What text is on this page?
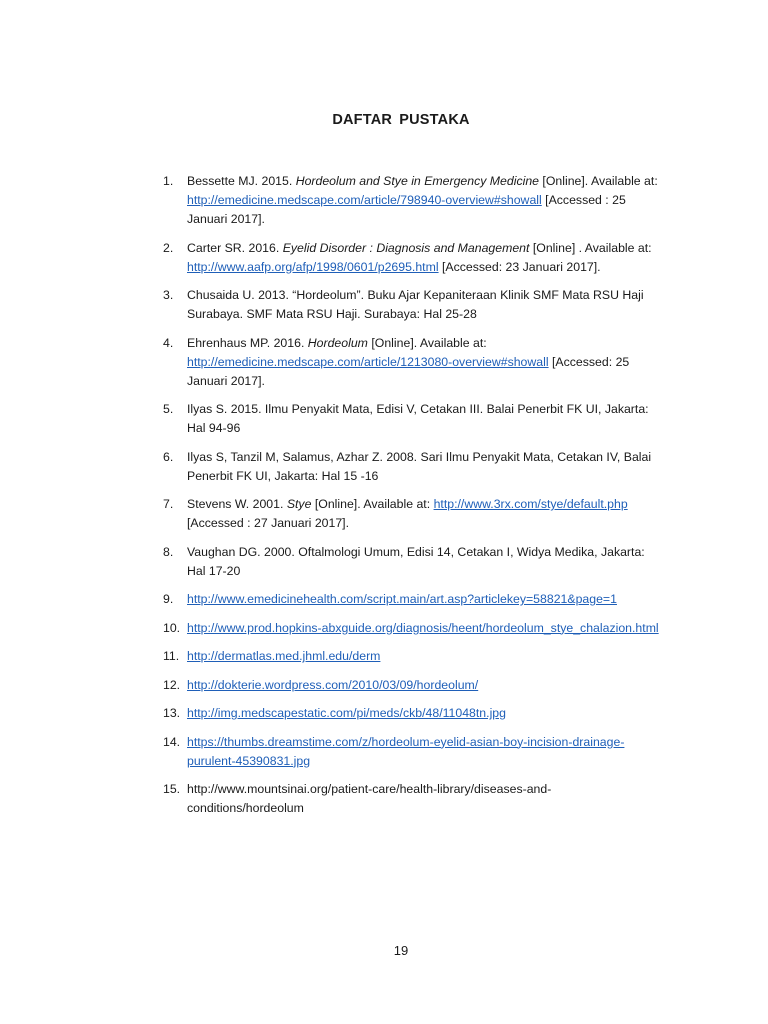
DAFTAR PUSTAKA
1. Bessette MJ. 2015. Hordeolum and Stye in Emergency Medicine [Online]. Available at: http://emedicine.medscape.com/article/798940-overview#showall [Accessed : 25 Januari 2017].
2. Carter SR. 2016. Eyelid Disorder : Diagnosis and Management [Online] . Available at: http://www.aafp.org/afp/1998/0601/p2695.html [Accessed: 23 Januari 2017].
3. Chusaida U. 2013. “Hordeolum”. Buku Ajar Kepaniteraan Klinik SMF Mata RSU Haji Surabaya. SMF Mata RSU Haji. Surabaya: Hal 25-28
4. Ehrenhaus MP. 2016. Hordeolum [Online]. Available at: http://emedicine.medscape.com/article/1213080-overview#showall [Accessed: 25 Januari 2017].
5. Ilyas S. 2015. Ilmu Penyakit Mata, Edisi V, Cetakan III. Balai Penerbit FK UI, Jakarta: Hal 94-96
6. Ilyas S, Tanzil M, Salamus, Azhar Z. 2008. Sari Ilmu Penyakit Mata, Cetakan IV, Balai Penerbit FK UI, Jakarta: Hal 15 -16
7. Stevens W. 2001. Stye [Online]. Available at: http://www.3rx.com/stye/default.php [Accessed : 27 Januari 2017].
8. Vaughan DG. 2000. Oftalmologi Umum, Edisi 14, Cetakan I, Widya Medika, Jakarta: Hal 17-20
9. http://www.emedicinehealth.com/script.main/art.asp?articlekey=58821&page=1
10. http://www.prod.hopkins-abxguide.org/diagnosis/heent/hordeolum_stye_chalazion.html
11. http://dermatlas.med.jhml.edu/derm
12. http://dokterie.wordpress.com/2010/03/09/hordeolum/
13. http://img.medscapestatic.com/pi/meds/ckb/48/11048tn.jpg
14. https://thumbs.dreamstime.com/z/hordeolum-eyelid-asian-boy-incision-drainage-purulent-45390831.jpg
15. http://www.mountsinai.org/patient-care/health-library/diseases-and-conditions/hordeolum
19
